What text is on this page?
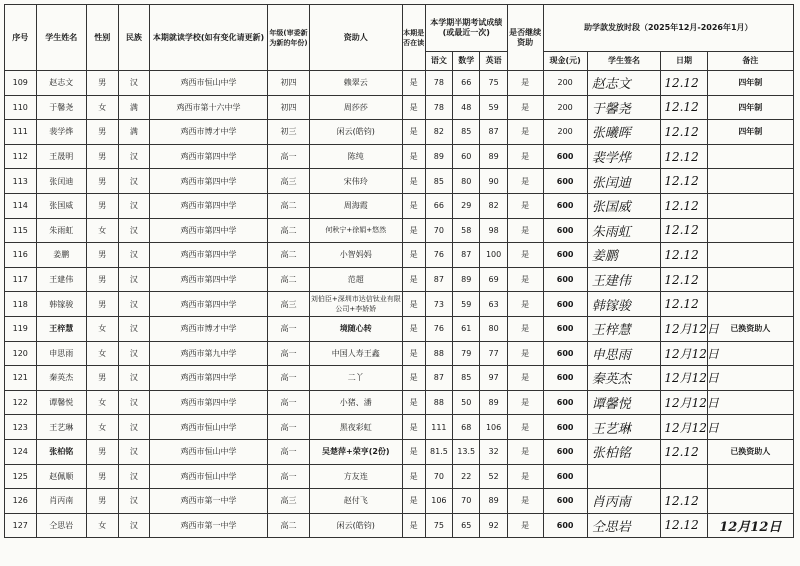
序号	学生姓名	性别	民族	本期就读学校(如有变化请更新)	年级(审委新为新的年份)	资助人	本期是否在读	本学期半期考试成绩(或最近一次)			是否继续资助	助学款发放时段（2025年12月-2026年1月）			
								语文	数学	英语		现金(元)	学生签名	日期	备注
109	赵志文	男	汉	鸡西市恒山中学	初四	赖翠云	是	78	66	75	是	200	赵志文	12.12	四年制
110	于馨尧	女	满	鸡西市第十六中学	初四	周莎莎	是	78	48	59	是	200	于馨尧	12.12	四年制
111	裴学烨	男	满	鸡西市博才中学	初三	闲云(皓钧)	是	82	85	87	是	200	张曦晖	12.12	四年制
112	王晟明	男	汉	鸡西市第四中学	高一	陈纯	是	89	60	89	是	600	裴学烨	12.12	
113	张闰迪	男	汉	鸡西市第四中学	高三	宋伟玲	是	85	80	90	是	600	张闰迪	12.12	
114	张国威	男	汉	鸡西市第四中学	高二	周海霞	是	66	29	82	是	600	张国威	12.12	
115	朱雨虹	女	汉	鸡西市第四中学	高二	何秋宁+徐娟+悠然	是	70	58	98	是	600	朱雨虹	12.12	
116	姜鹏	男	汉	鸡西市第四中学	高二	小智妈妈	是	76	87	100	是	600	姜鹏	12.12	
117	王建伟	男	汉	鸡西市第四中学	高二	范超	是	87	89	69	是	600	王建伟	12.12	
118	韩镓骏	男	汉	鸡西市第四中学	高三	刘伯臣+深圳市达信钛业有限公司+李娇娇	是	73	59	63	是	600	韩镓骏	12.12	
119	王梓慧	女	汉	鸡西市博才中学	高一	境随心转	是	76	61	80	是	600	王梓慧	12月12日	已换资助人
120	申思雨	女	汉	鸡西市第九中学	高一	中国人寿王鑫	是	88	79	77	是	600	申思雨	12月12日	
121	秦英杰	男	汉	鸡西市第四中学	高一	二丫	是	87	85	97	是	600	秦英杰	12月12日	
122	谭馨悦	女	汉	鸡西市第四中学	高一	小猪、潘	是	88	50	89	是	600	谭馨悦	12月12日	
123	王艺琳	女	汉	鸡西市恒山中学	高一	黑夜彩虹	是	111	68	106	是	600	王艺琳	12月12日	
124	张柏铭	男	汉	鸡西市恒山中学	高一	吴楚萍+荣亨(2份)	是	81.5	13.5	32	是	600	张柏铭	12.12	已换资助人
125	赵佩顺	男	汉	鸡西市恒山中学	高一	方友连	是	70	22	52	是	600			
126	肖丙南	男	汉	鸡西市第一中学	高三	赵付飞	是	106	70	89	是	600	肖丙南	12.12	
127	仝思岩	女	汉	鸡西市第一中学	高二	闲云(皓钧)	是	75	65	92	是	600	仝思岩	12.12	12月12日
